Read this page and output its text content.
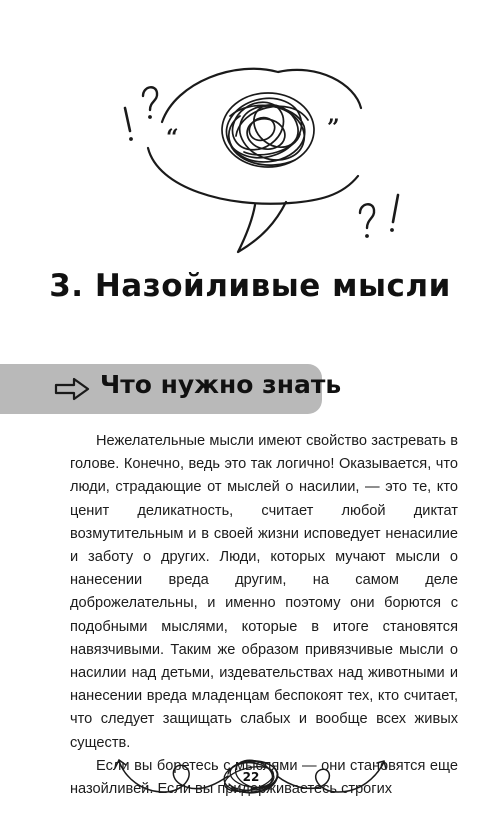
“	”
3. Назойливые мысли
Что нужно знать

Нежелательные мысли имеют свойство застревать в голове. Конечно, ведь это так логично! Оказывается, что люди, страдающие от мыслей о насилии, — это те, кто ценит деликатность, считает любой диктат возмутительным и в своей жизни исповедует ненасилие и заботу о других. Люди, которых мучают мысли о нанесении вреда другим, на самом деле доброжелательны, и именно поэтому они борются с подобными мыслями, которые в итоге становятся навязчивыми. Таким же образом привязчивые мысли о насилии над детьми, издевательствах над животными и нанесении вреда младенцам беспокоят тех, кто считает, что следует защищать слабых и вообще всех живых существ.

Если вы боретесь с мыслями — они становятся еще назойливей. Если вы придерживаетесь строгих

22
